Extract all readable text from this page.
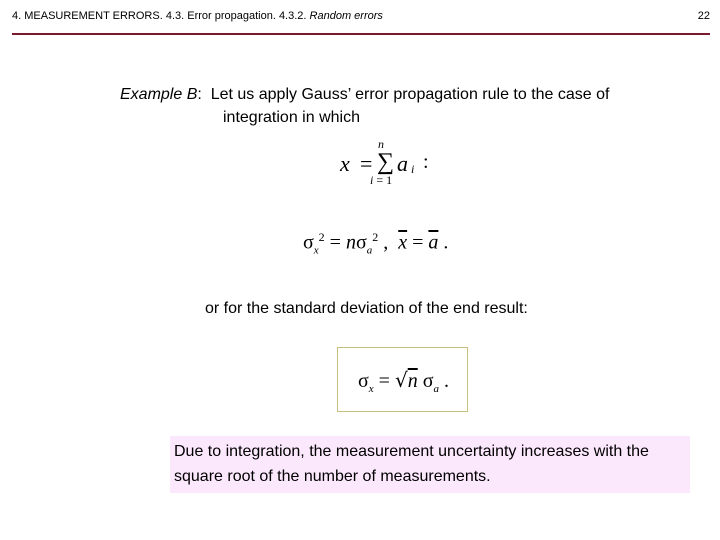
4. MEASUREMENT ERRORS. 4.3. Error propagation. 4.3.2. Random errors	22
Example B:  Let us apply Gauss’ error propagation rule to the case of
integration in which
n
x = ∑ a i :
i = 1
$\sigma_x^2 = n\sigma_a^2$ ,  $\overline{x} = \overline{a}$ .
or for the standard deviation of the end result:
$\sigma_x = √n$ $\sigma_a$ .
Due to integration, the measurement uncertainty increases with the square root of the number of measurements.
